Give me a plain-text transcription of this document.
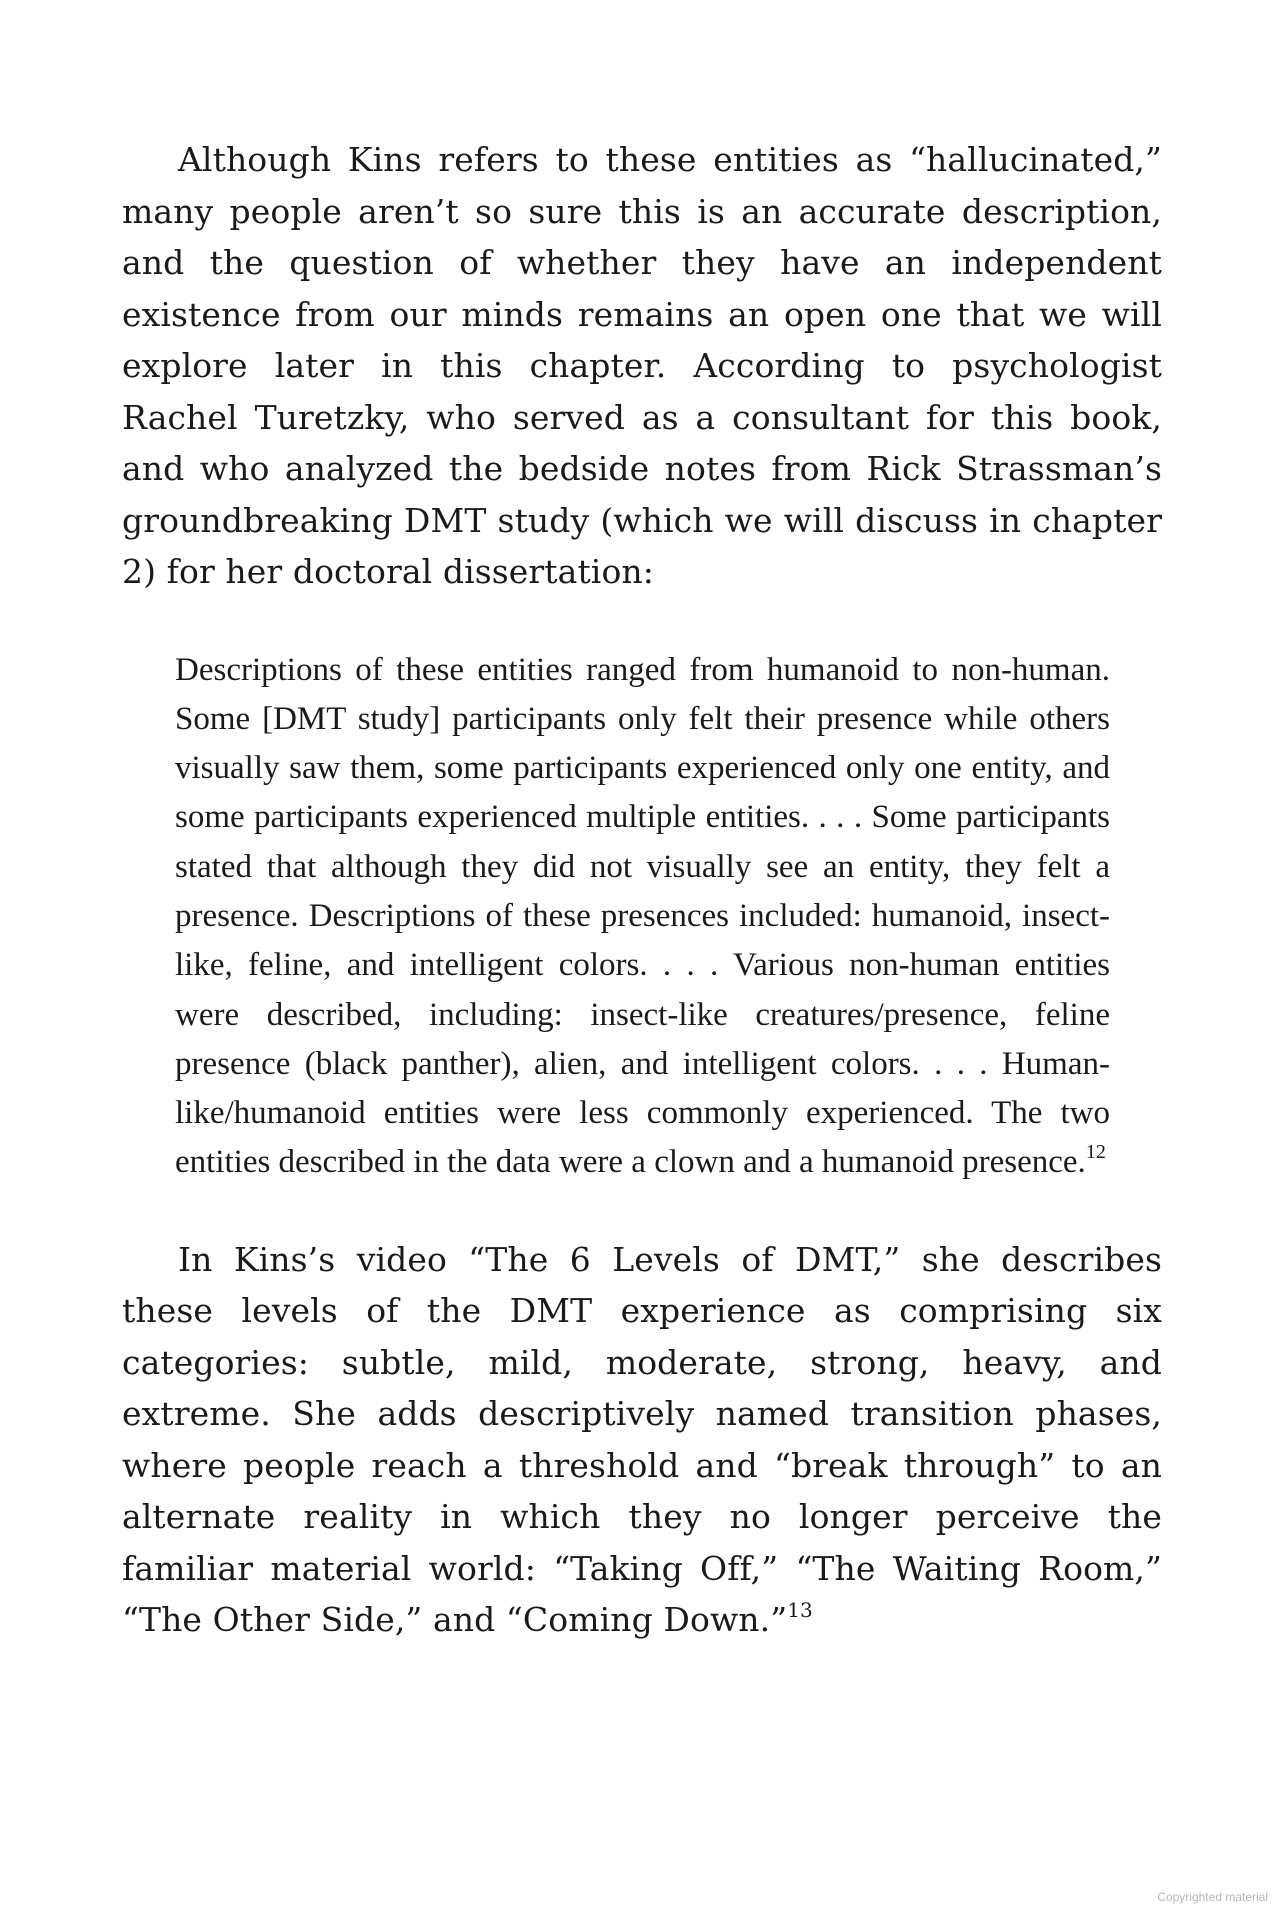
Although Kins refers to these entities as “hallucinated,” many people aren’t so sure this is an accurate description, and the question of whether they have an independent existence from our minds remains an open one that we will explore later in this chapter. According to psychologist Rachel Turetzky, who served as a consultant for this book, and who analyzed the bedside notes from Rick Strassman’s groundbreaking DMT study (which we will discuss in chapter 2) for her doctoral dissertation:

Descriptions of these entities ranged from humanoid to non-human. Some [DMT study] participants only felt their presence while others visually saw them, some participants experienced only one entity, and some participants experienced multiple entities. . . . Some participants stated that although they did not visually see an entity, they felt a presence. Descriptions of these presences included: humanoid, insect-like, feline, and intelligent colors. . . . Various non-human entities were described, including: insect-like creatures/presence, feline presence (black panther), alien, and intelligent colors. . . . Human-like/humanoid entities were less commonly experienced. The two entities described in the data were a clown and a humanoid presence.$^{12}$

In Kins’s video “The 6 Levels of DMT,” she describes these levels of the DMT experience as comprising six categories: subtle, mild, moderate, strong, heavy, and extreme. She adds descriptively named transition phases, where people reach a threshold and “break through” to an alternate reality in which they no longer perceive the familiar material world: “Taking Off,” “The Waiting Room,” “The Other Side,” and “Coming Down.”$^{13}$

Copyrighted material
